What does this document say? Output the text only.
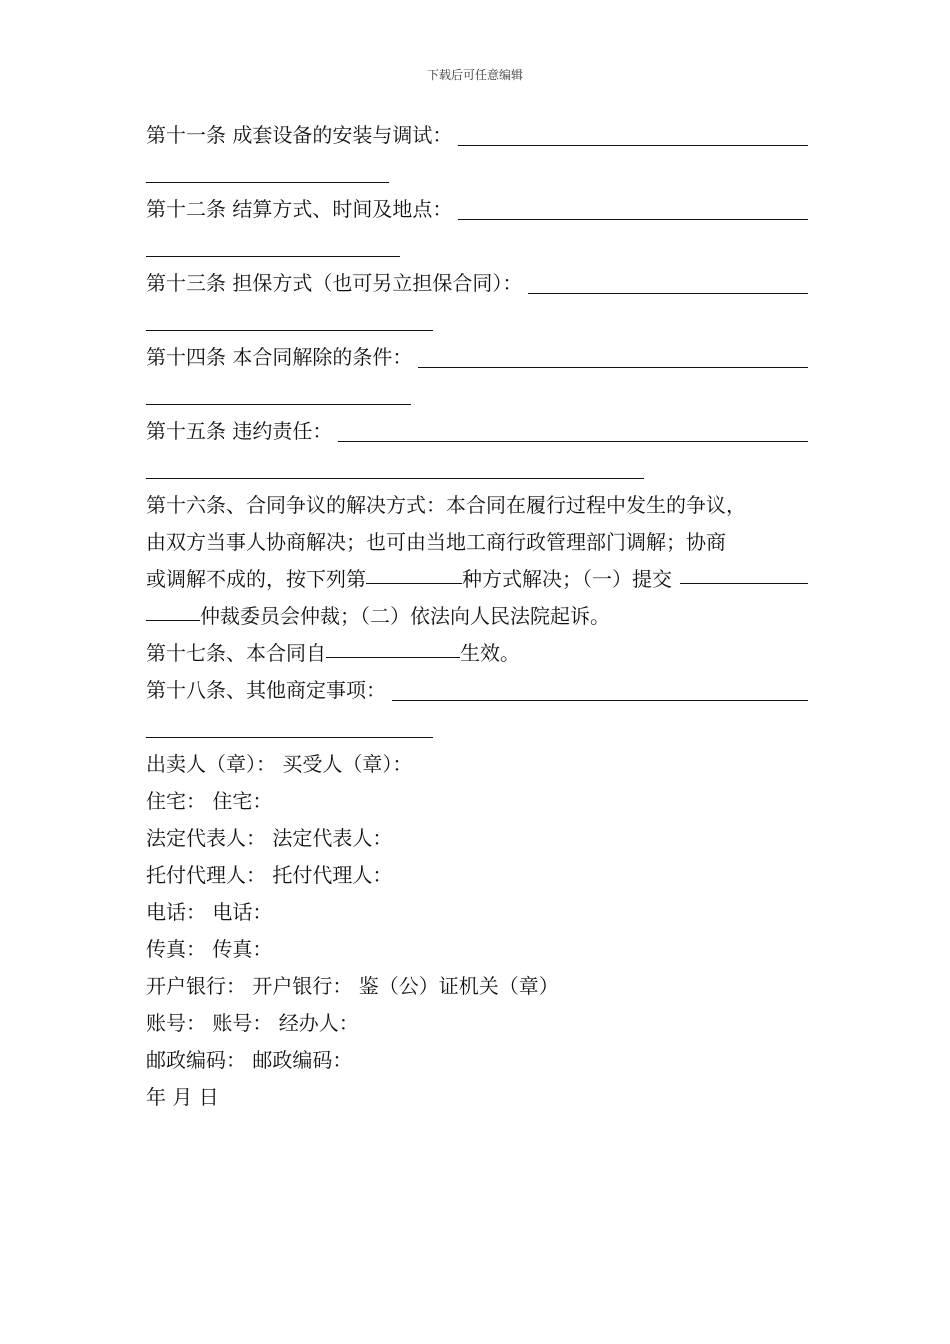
下载后可任意编辑
第十一条 成套设备的安装与调试：
第十二条 结算方式、时间及地点：
第十三条 担保方式（也可另立担保合同）：
第十四条 本合同解除的条件：
第十五条 违约责任：

第十六条、合同争议的解决方式：本合同在履行过程中发生的争议，

由双方当事人协商解决；也可由当地工商行政管理部门调解；协商

或调解不成的，按下列第	种方式解决；（一）提交

仲裁委员会仲裁；（二）依法向人民法院起诉。

第十七条、本合同自	生效。

第十八条、其他商定事项：

出卖人（章）： 买受人（章）：

住宅： 住宅：

法定代表人： 法定代表人：

托付代理人： 托付代理人：

电话： 电话：

传真： 传真：

开户银行： 开户银行： 鉴（公）证机关（章）

账号： 账号： 经办人：

邮政编码： 邮政编码：

年 月 日
